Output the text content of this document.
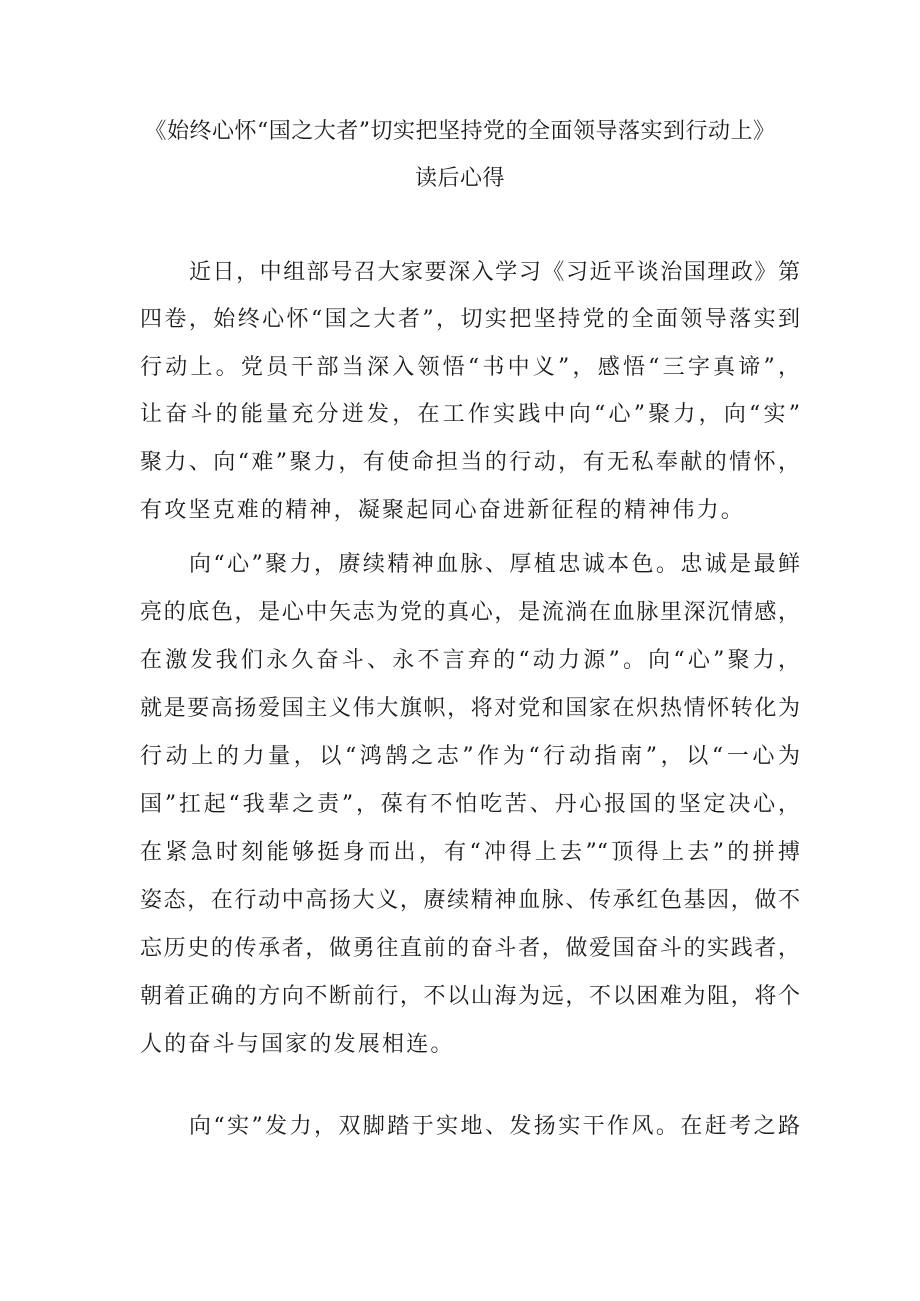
《始终心怀“国之大者”切实把坚持党的全面领导落实到行动上》
读后心得
近日，中组部号召大家要深入学习《习近平谈治国理政》第
四卷，始终心怀“国之大者”，切实把坚持党的全面领导落实到
行动上。党员干部当深入领悟“书中义”，感悟“三字真谛”，
让奋斗的能量充分迸发，在工作实践中向“心”聚力，向“实”
聚力、向“难”聚力，有使命担当的行动，有无私奉献的情怀，
有攻坚克难的精神，凝聚起同心奋进新征程的精神伟力。
向“心”聚力，赓续精神血脉、厚植忠诚本色。忠诚是最鲜
亮的底色，是心中矢志为党的真心，是流淌在血脉里深沉情感，
在激发我们永久奋斗、永不言弃的“动力源”。向“心”聚力，
就是要高扬爱国主义伟大旗帜，将对党和国家在炽热情怀转化为
行动上的力量，以“鸿鹄之志”作为“行动指南”，以“一心为
国”扛起“我辈之责”，葆有不怕吃苦、丹心报国的坚定决心，
在紧急时刻能够挺身而出，有“冲得上去”“顶得上去”的拼搏
姿态，在行动中高扬大义，赓续精神血脉、传承红色基因，做不
忘历史的传承者，做勇往直前的奋斗者，做爱国奋斗的实践者，
朝着正确的方向不断前行，不以山海为远，不以困难为阻，将个
人的奋斗与国家的发展相连。
向“实”发力，双脚踏于实地、发扬实干作风。在赶考之路
